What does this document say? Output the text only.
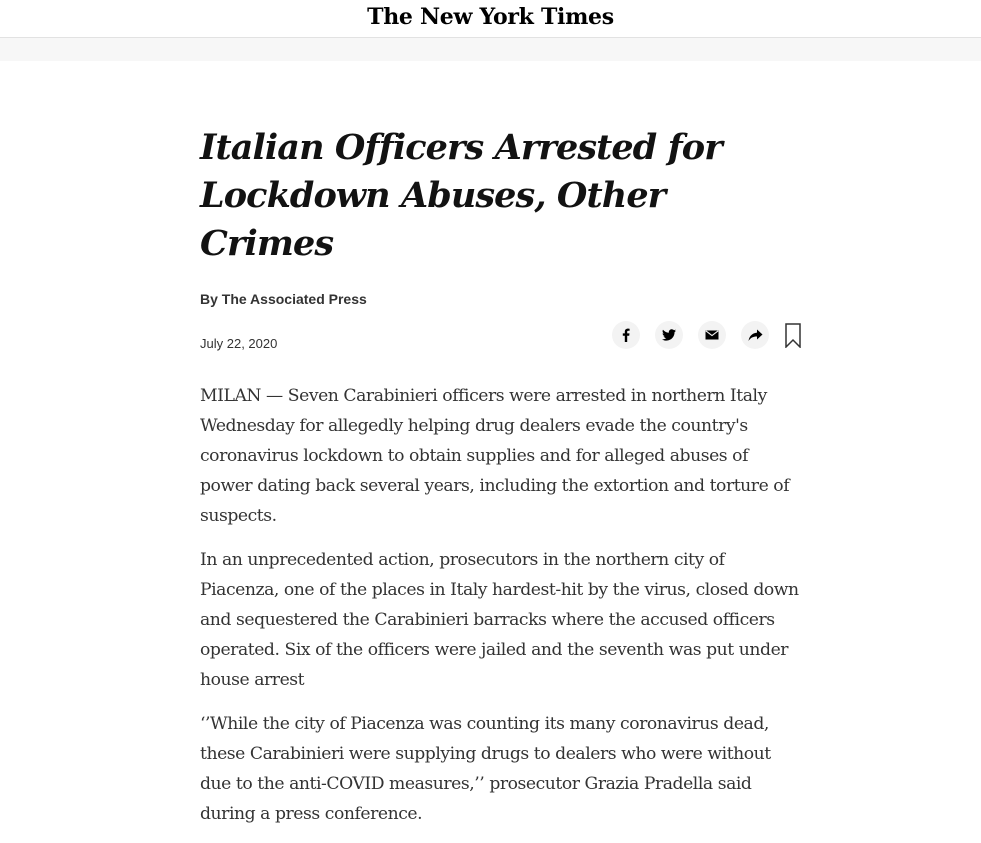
The New York Times
Italian Officers Arrested for Lockdown Abuses, Other Crimes
By The Associated Press
July 22, 2020

MILAN — Seven Carabinieri officers were arrested in northern Italy Wednesday for allegedly helping drug dealers evade the country's coronavirus lockdown to obtain supplies and for alleged abuses of power dating back several years, including the extortion and torture of suspects.

In an unprecedented action, prosecutors in the northern city of Piacenza, one of the places in Italy hardest-hit by the virus, closed down and sequestered the Carabinieri barracks where the accused officers operated. Six of the officers were jailed and the seventh was put under house arrest

‘’While the city of Piacenza was counting its many coronavirus dead, these Carabinieri were supplying drugs to dealers who were without due to the anti-COVID measures,’’ prosecutor Grazia Pradella said during a press conference.
